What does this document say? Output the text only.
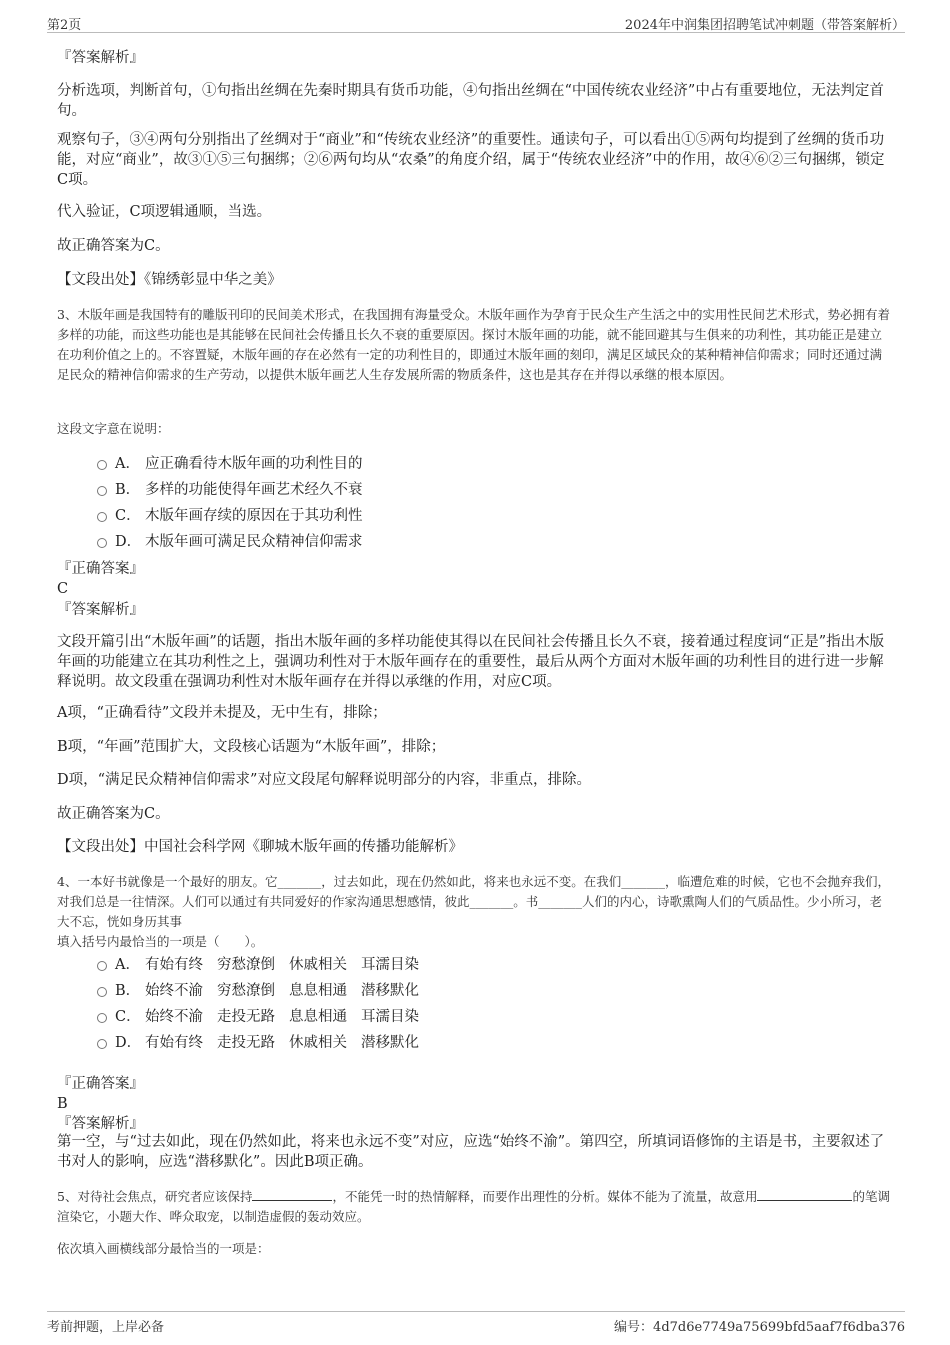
第2页	2024年中润集团招聘笔试冲刺题（带答案解析）
『答案解析』

分析选项，判断首句，①句指出丝绸在先秦时期具有货币功能，④句指出丝绸在“中国传统农业经济”中占有重要地位，无法判定首句。

观察句子，③④两句分别指出了丝绸对于“商业”和“传统农业经济”的重要性。通读句子，可以看出①⑤两句均提到了丝绸的货币功能，对应“商业”，故③①⑤三句捆绑；②⑥两句均从“农桑”的角度介绍，属于“传统农业经济”中的作用，故④⑥②三句捆绑，锁定C项。

代入验证，C项逻辑通顺，当选。

故正确答案为C。

【文段出处】《锦绣彰显中华之美》

3、木版年画是我国特有的雕版刊印的民间美术形式，在我国拥有海量受众。木版年画作为孕育于民众生产生活之中的实用性民间艺术形式，势必拥有着多样的功能，而这些功能也是其能够在民间社会传播且长久不衰的重要原因。探讨木版年画的功能，就不能回避其与生俱来的功利性，其功能正是建立在功利价值之上的。不容置疑，木版年画的存在必然有一定的功利性目的，即通过木版年画的刻印，满足区域民众的某种精神信仰需求；同时还通过满足民众的精神信仰需求的生产劳动，以提供木版年画艺人生存发展所需的物质条件，这也是其存在并得以承继的根本原因。

这段文字意在说明：

A． 应正确看待木版年画的功利性目的
B． 多样的功能使得年画艺术经久不衰
C． 木版年画存续的原因在于其功利性
D． 木版年画可满足民众精神信仰需求
『正确答案』
C
『答案解析』

文段开篇引出“木版年画”的话题，指出木版年画的多样功能使其得以在民间社会传播且长久不衰，接着通过程度词“正是”指出木版年画的功能建立在其功利性之上，强调功利性对于木版年画存在的重要性，最后从两个方面对木版年画的功利性目的进行进一步解释说明。故文段重在强调功利性对木版年画存在并得以承继的作用，对应C项。

A项，“正确看待”文段并未提及，无中生有，排除；

B项，“年画”范围扩大，文段核心话题为“木版年画”，排除；

D项，“满足民众精神信仰需求”对应文段尾句解释说明部分的内容，非重点，排除。

故正确答案为C。

【文段出处】中国社会科学网《聊城木版年画的传播功能解析》

4、一本好书就像是一个最好的朋友。它_______，过去如此，现在仍然如此，将来也永远不变。在我们_______，临遭危难的时候，它也不会抛弃我们，对我们总是一往情深。人们可以通过有共同爱好的作家沟通思想感情，彼此_______。书_______人们的内心，诗歌熏陶人们的气质品性。少小所习，老大不忘，恍如身历其事

填入括号内最恰当的一项是（　　）。

A． 有始有终 穷愁潦倒 休戚相关 耳濡目染
B． 始终不渝 穷愁潦倒 息息相通 潜移默化
C． 始终不渝 走投无路 息息相通 耳濡目染
D． 有始有终 走投无路 休戚相关 潜移默化
『正确答案』
B
『答案解析』

第一空，与“过去如此，现在仍然如此，将来也永远不变”对应，应选“始终不渝”。第四空，所填词语修饰的主语是书，主要叙述了书对人的影响，应选“潜移默化”。因此B项正确。

5、对待社会焦点，研究者应该保持	，不能凭一时的热情解释，而要作出理性的分析。媒体不能为了流量，故意用	的笔调渲染它，小题大作、哗众取宠，以制造虚假的轰动效应。

依次填入画横线部分最恰当的一项是：

考前押题，上岸必备	编号：4d7d6e7749a75699bfd5aaf7f6dba376
